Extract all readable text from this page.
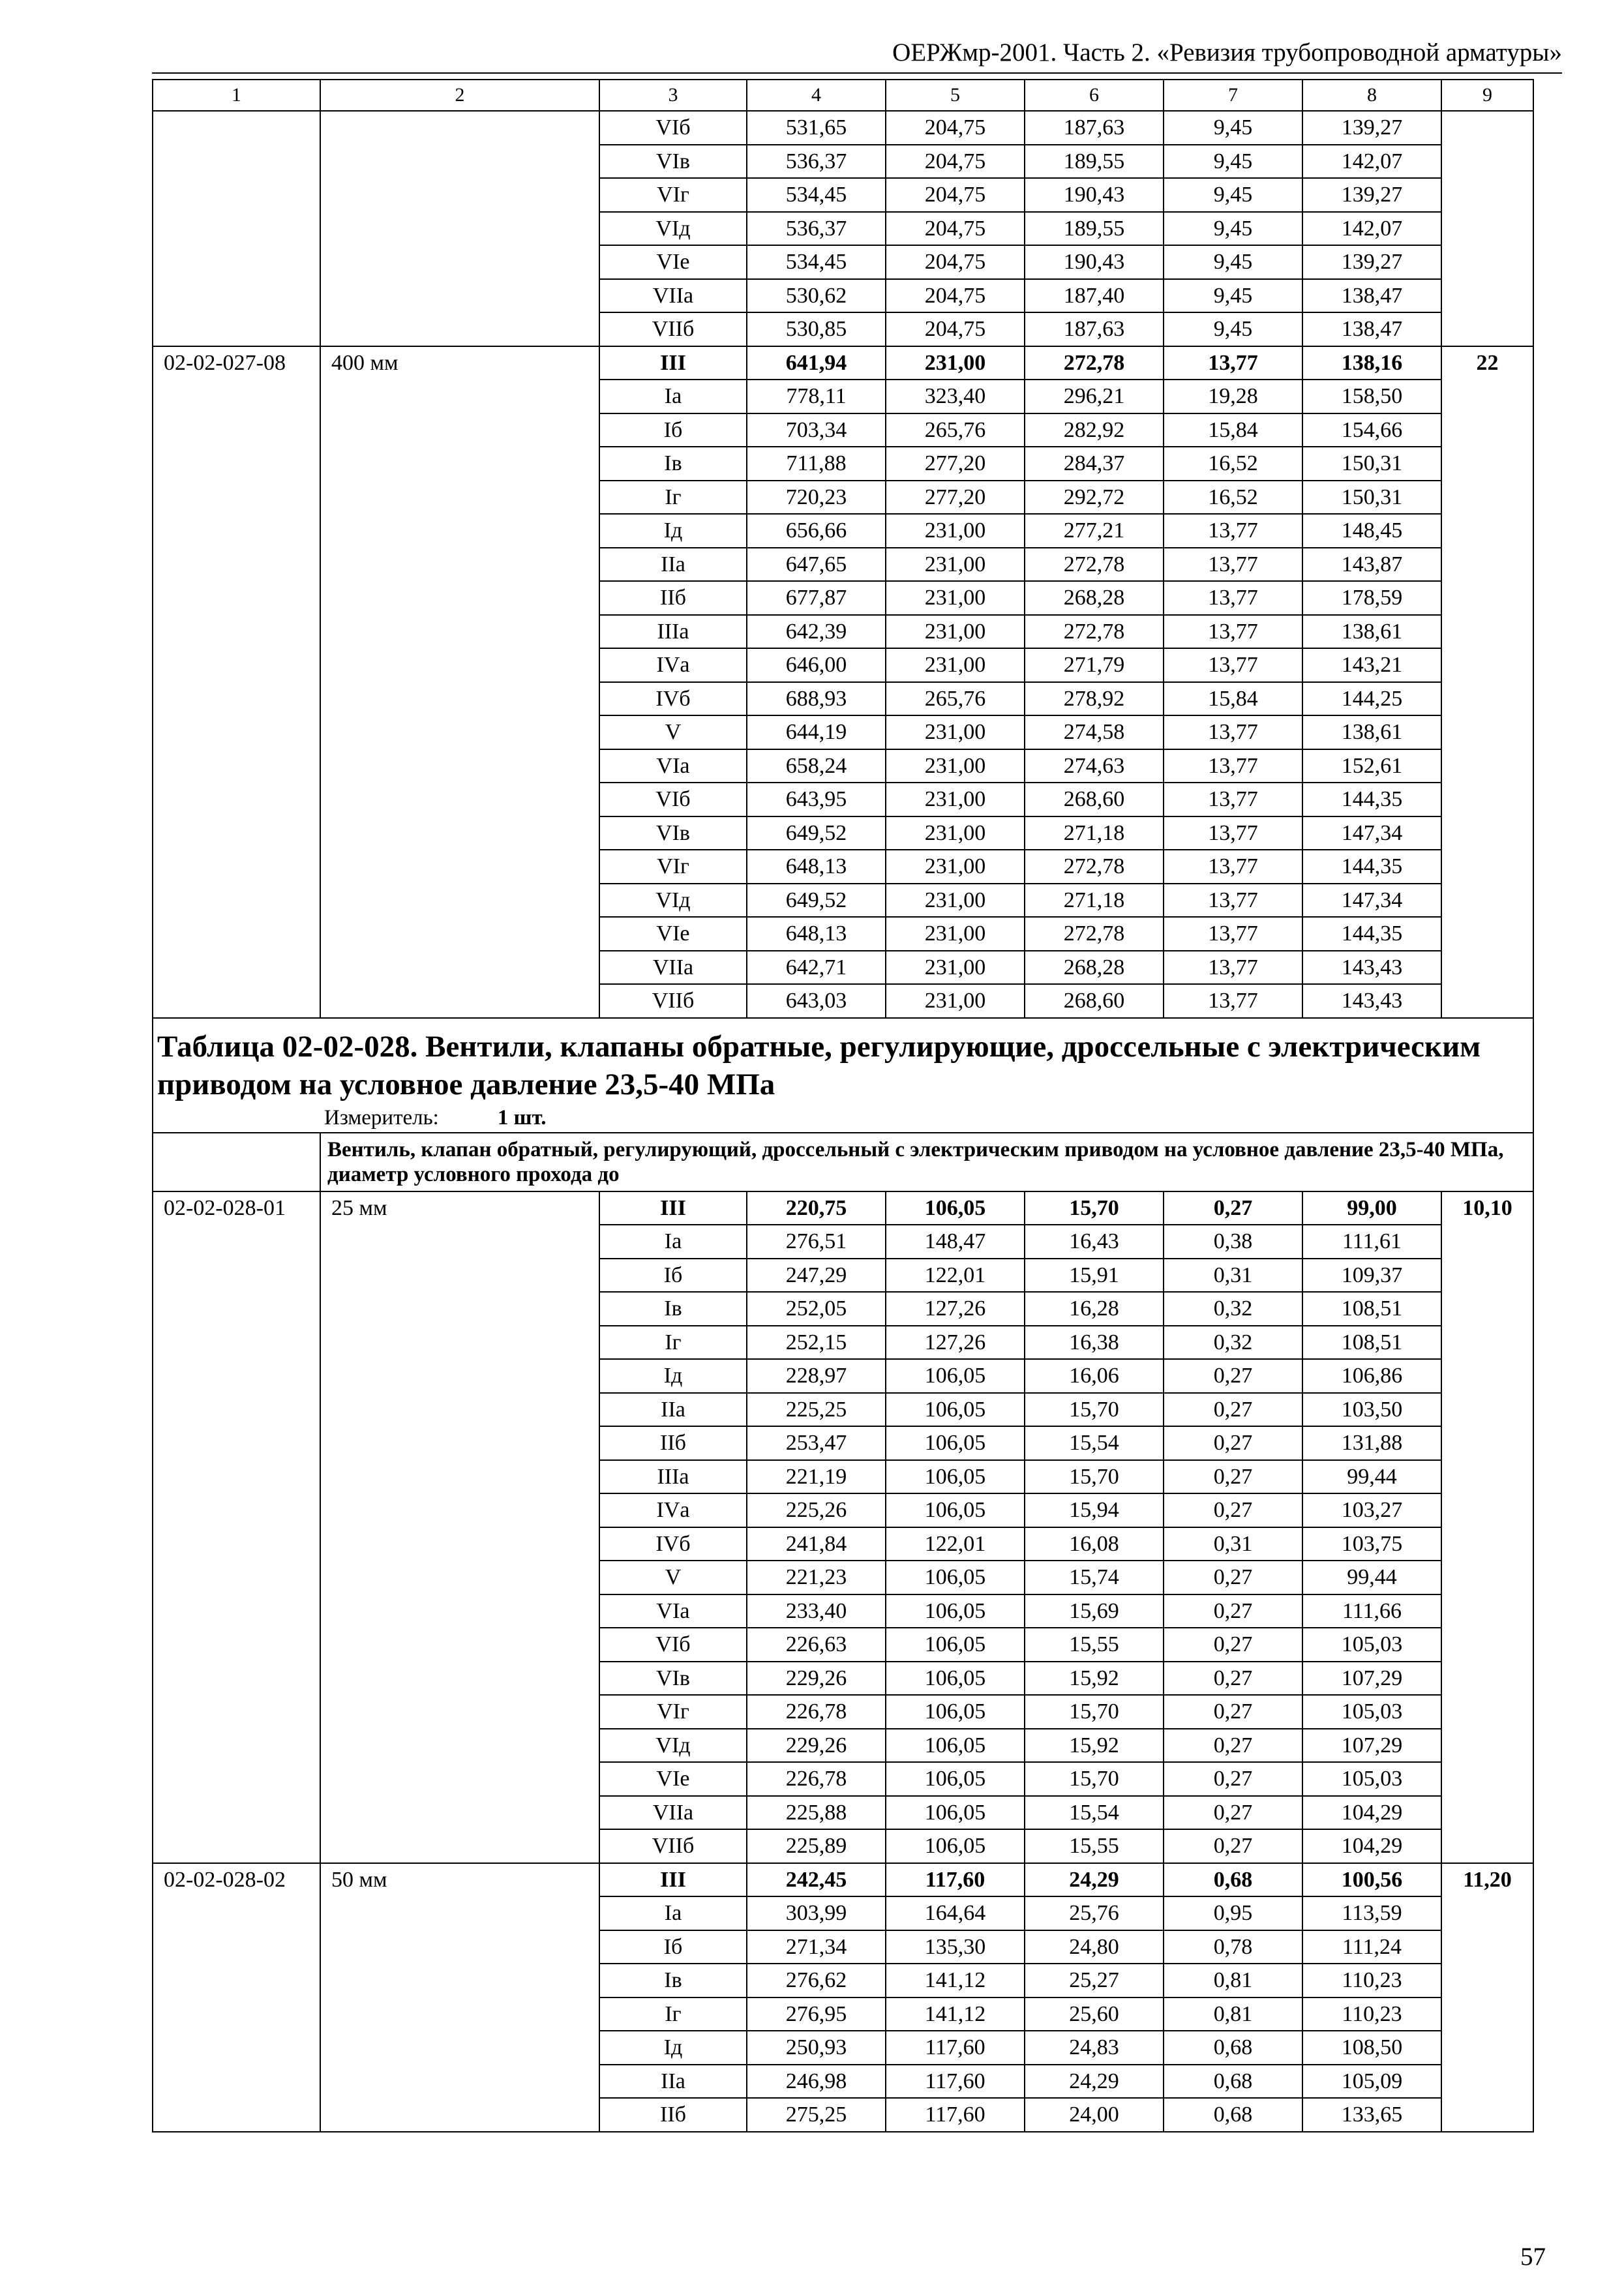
ОЕРЖмр-2001. Часть 2. «Ревизия трубопроводной арматуры»
1	2	3	4	5	6	7	8	9
		VIб	531,65	204,75	187,63	9,45	139,27	
		VIв	536,37	204,75	189,55	9,45	142,07	
		VIг	534,45	204,75	190,43	9,45	139,27	
		VIд	536,37	204,75	189,55	9,45	142,07	
		VIе	534,45	204,75	190,43	9,45	139,27	
		VIIа	530,62	204,75	187,40	9,45	138,47	
		VIIб	530,85	204,75	187,63	9,45	138,47	
02-02-027-08	400 мм	III	641,94	231,00	272,78	13,77	138,16	22
		Iа	778,11	323,40	296,21	19,28	158,50	
		Iб	703,34	265,76	282,92	15,84	154,66	
		Iв	711,88	277,20	284,37	16,52	150,31	
		Iг	720,23	277,20	292,72	16,52	150,31	
		Iд	656,66	231,00	277,21	13,77	148,45	
		IIа	647,65	231,00	272,78	13,77	143,87	
		IIб	677,87	231,00	268,28	13,77	178,59	
		IIIа	642,39	231,00	272,78	13,77	138,61	
		IVа	646,00	231,00	271,79	13,77	143,21	
		IVб	688,93	265,76	278,92	15,84	144,25	
		V	644,19	231,00	274,58	13,77	138,61	
		VIа	658,24	231,00	274,63	13,77	152,61	
		VIб	643,95	231,00	268,60	13,77	144,35	
		VIв	649,52	231,00	271,18	13,77	147,34	
		VIг	648,13	231,00	272,78	13,77	144,35	
		VIд	649,52	231,00	271,18	13,77	147,34	
		VIе	648,13	231,00	272,78	13,77	144,35	
		VIIа	642,71	231,00	268,28	13,77	143,43	
		VIIб	643,03	231,00	268,60	13,77	143,43	
Таблица 02-02-028. Вентили, клапаны обратные, регулирующие, дроссельные с электрическим приводом на условное давление 23,5-40 МПа								
	Измеритель: 1 шт.							
	Вентиль, клапан обратный, регулирующий, дроссельный с электрическим приводом на условное давление 23,5-40 МПа, диаметр условного прохода до							
02-02-028-01	25 мм	III	220,75	106,05	15,70	0,27	99,00	10,10
		Iа	276,51	148,47	16,43	0,38	111,61	
		Iб	247,29	122,01	15,91	0,31	109,37	
		Iв	252,05	127,26	16,28	0,32	108,51	
		Iг	252,15	127,26	16,38	0,32	108,51	
		Iд	228,97	106,05	16,06	0,27	106,86	
		IIа	225,25	106,05	15,70	0,27	103,50	
		IIб	253,47	106,05	15,54	0,27	131,88	
		IIIа	221,19	106,05	15,70	0,27	99,44	
		IVа	225,26	106,05	15,94	0,27	103,27	
		IVб	241,84	122,01	16,08	0,31	103,75	
		V	221,23	106,05	15,74	0,27	99,44	
		VIа	233,40	106,05	15,69	0,27	111,66	
		VIб	226,63	106,05	15,55	0,27	105,03	
		VIв	229,26	106,05	15,92	0,27	107,29	
		VIг	226,78	106,05	15,70	0,27	105,03	
		VIд	229,26	106,05	15,92	0,27	107,29	
		VIе	226,78	106,05	15,70	0,27	105,03	
		VIIа	225,88	106,05	15,54	0,27	104,29	
		VIIб	225,89	106,05	15,55	0,27	104,29	
02-02-028-02	50 мм	III	242,45	117,60	24,29	0,68	100,56	11,20
		Iа	303,99	164,64	25,76	0,95	113,59	
		Iб	271,34	135,30	24,80	0,78	111,24	
		Iв	276,62	141,12	25,27	0,81	110,23	
		Iг	276,95	141,12	25,60	0,81	110,23	
		Iд	250,93	117,60	24,83	0,68	108,50	
		IIа	246,98	117,60	24,29	0,68	105,09	
		IIб	275,25	117,60	24,00	0,68	133,65	
57
